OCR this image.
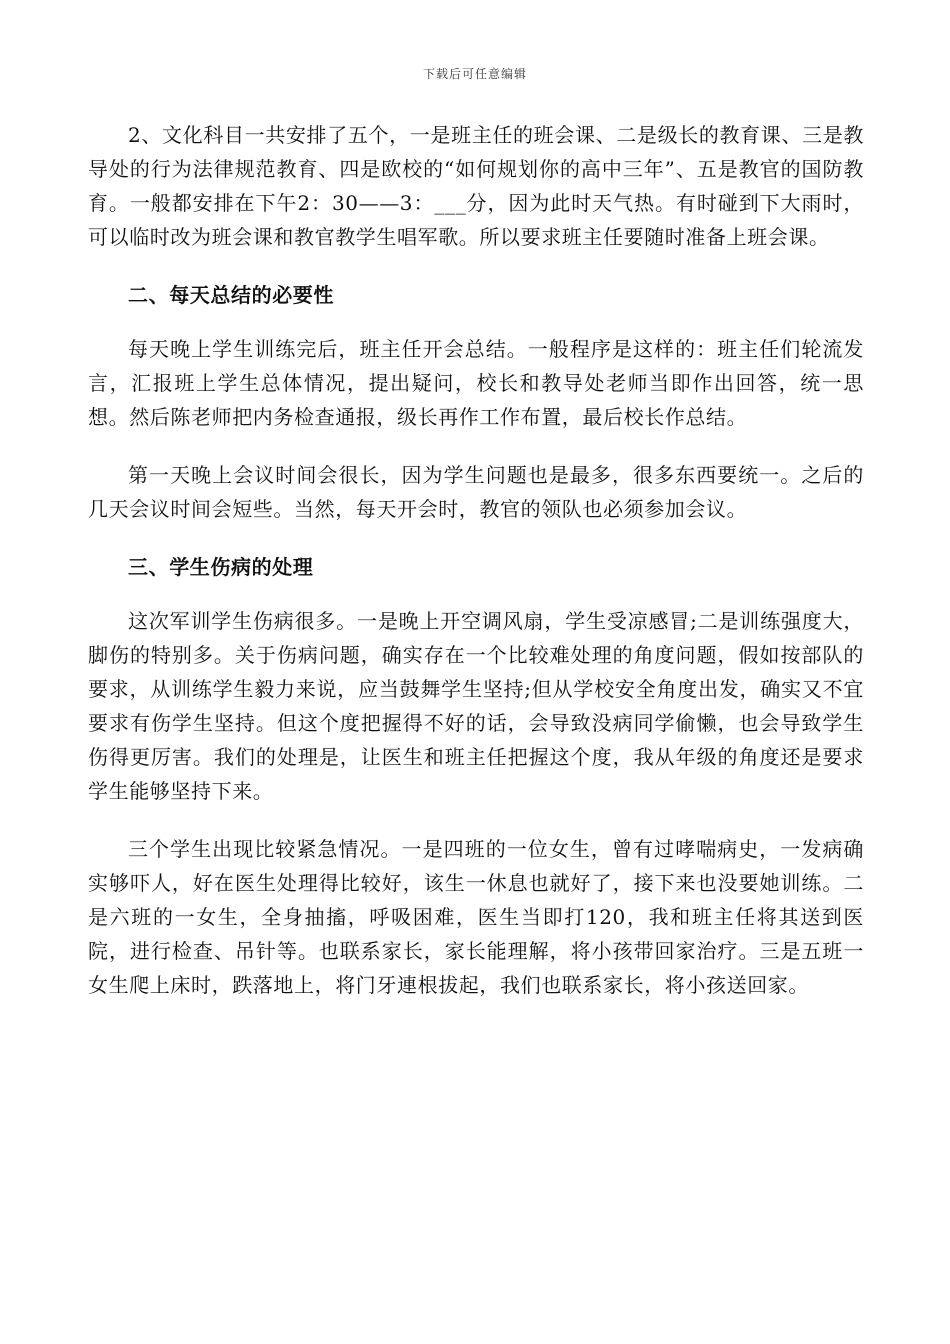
下载后可任意编辑

2、文化科目一共安排了五个，一是班主任的班会课、二是级长的教育课、三是教导处的行为法律规范教育、四是欧校的“如何规划你的高中三年”、五是教官的国防教育。一般都安排在下午2：30——3：___分，因为此时天气热。有时碰到下大雨时，可以临时改为班会课和教官教学生唱军歌。所以要求班主任要随时准备上班会课。

二、每天总结的必要性

每天晚上学生训练完后，班主任开会总结。一般程序是这样的：班主任们轮流发言，汇报班上学生总体情况，提出疑问，校长和教导处老师当即作出回答，统一思想。然后陈老师把内务检查通报，级长再作工作布置，最后校长作总结。

第一天晚上会议时间会很长，因为学生问题也是最多，很多东西要统一。之后的几天会议时间会短些。当然，每天开会时，教官的领队也必须参加会议。

三、学生伤病的处理

这次军训学生伤病很多。一是晚上开空调风扇，学生受凉感冒;二是训练强度大，脚伤的特别多。关于伤病问题，确实存在一个比较难处理的角度问题，假如按部队的要求，从训练学生毅力来说，应当鼓舞学生坚持;但从学校安全角度出发，确实又不宜要求有伤学生坚持。但这个度把握得不好的话，会导致没病同学偷懒，也会导致学生伤得更厉害。我们的处理是，让医生和班主任把握这个度，我从年级的角度还是要求学生能够坚持下来。

三个学生出现比较紧急情况。一是四班的一位女生，曾有过哮喘病史，一发病确实够吓人，好在医生处理得比较好，该生一休息也就好了，接下来也没要她训练。二是六班的一女生，全身抽搐，呼吸困难，医生当即打120，我和班主任将其送到医院，进行检查、吊针等。也联系家长，家长能理解，将小孩带回家治疗。三是五班一女生爬上床时，跌落地上，将门牙連根拔起，我们也联系家长，将小孩送回家。
